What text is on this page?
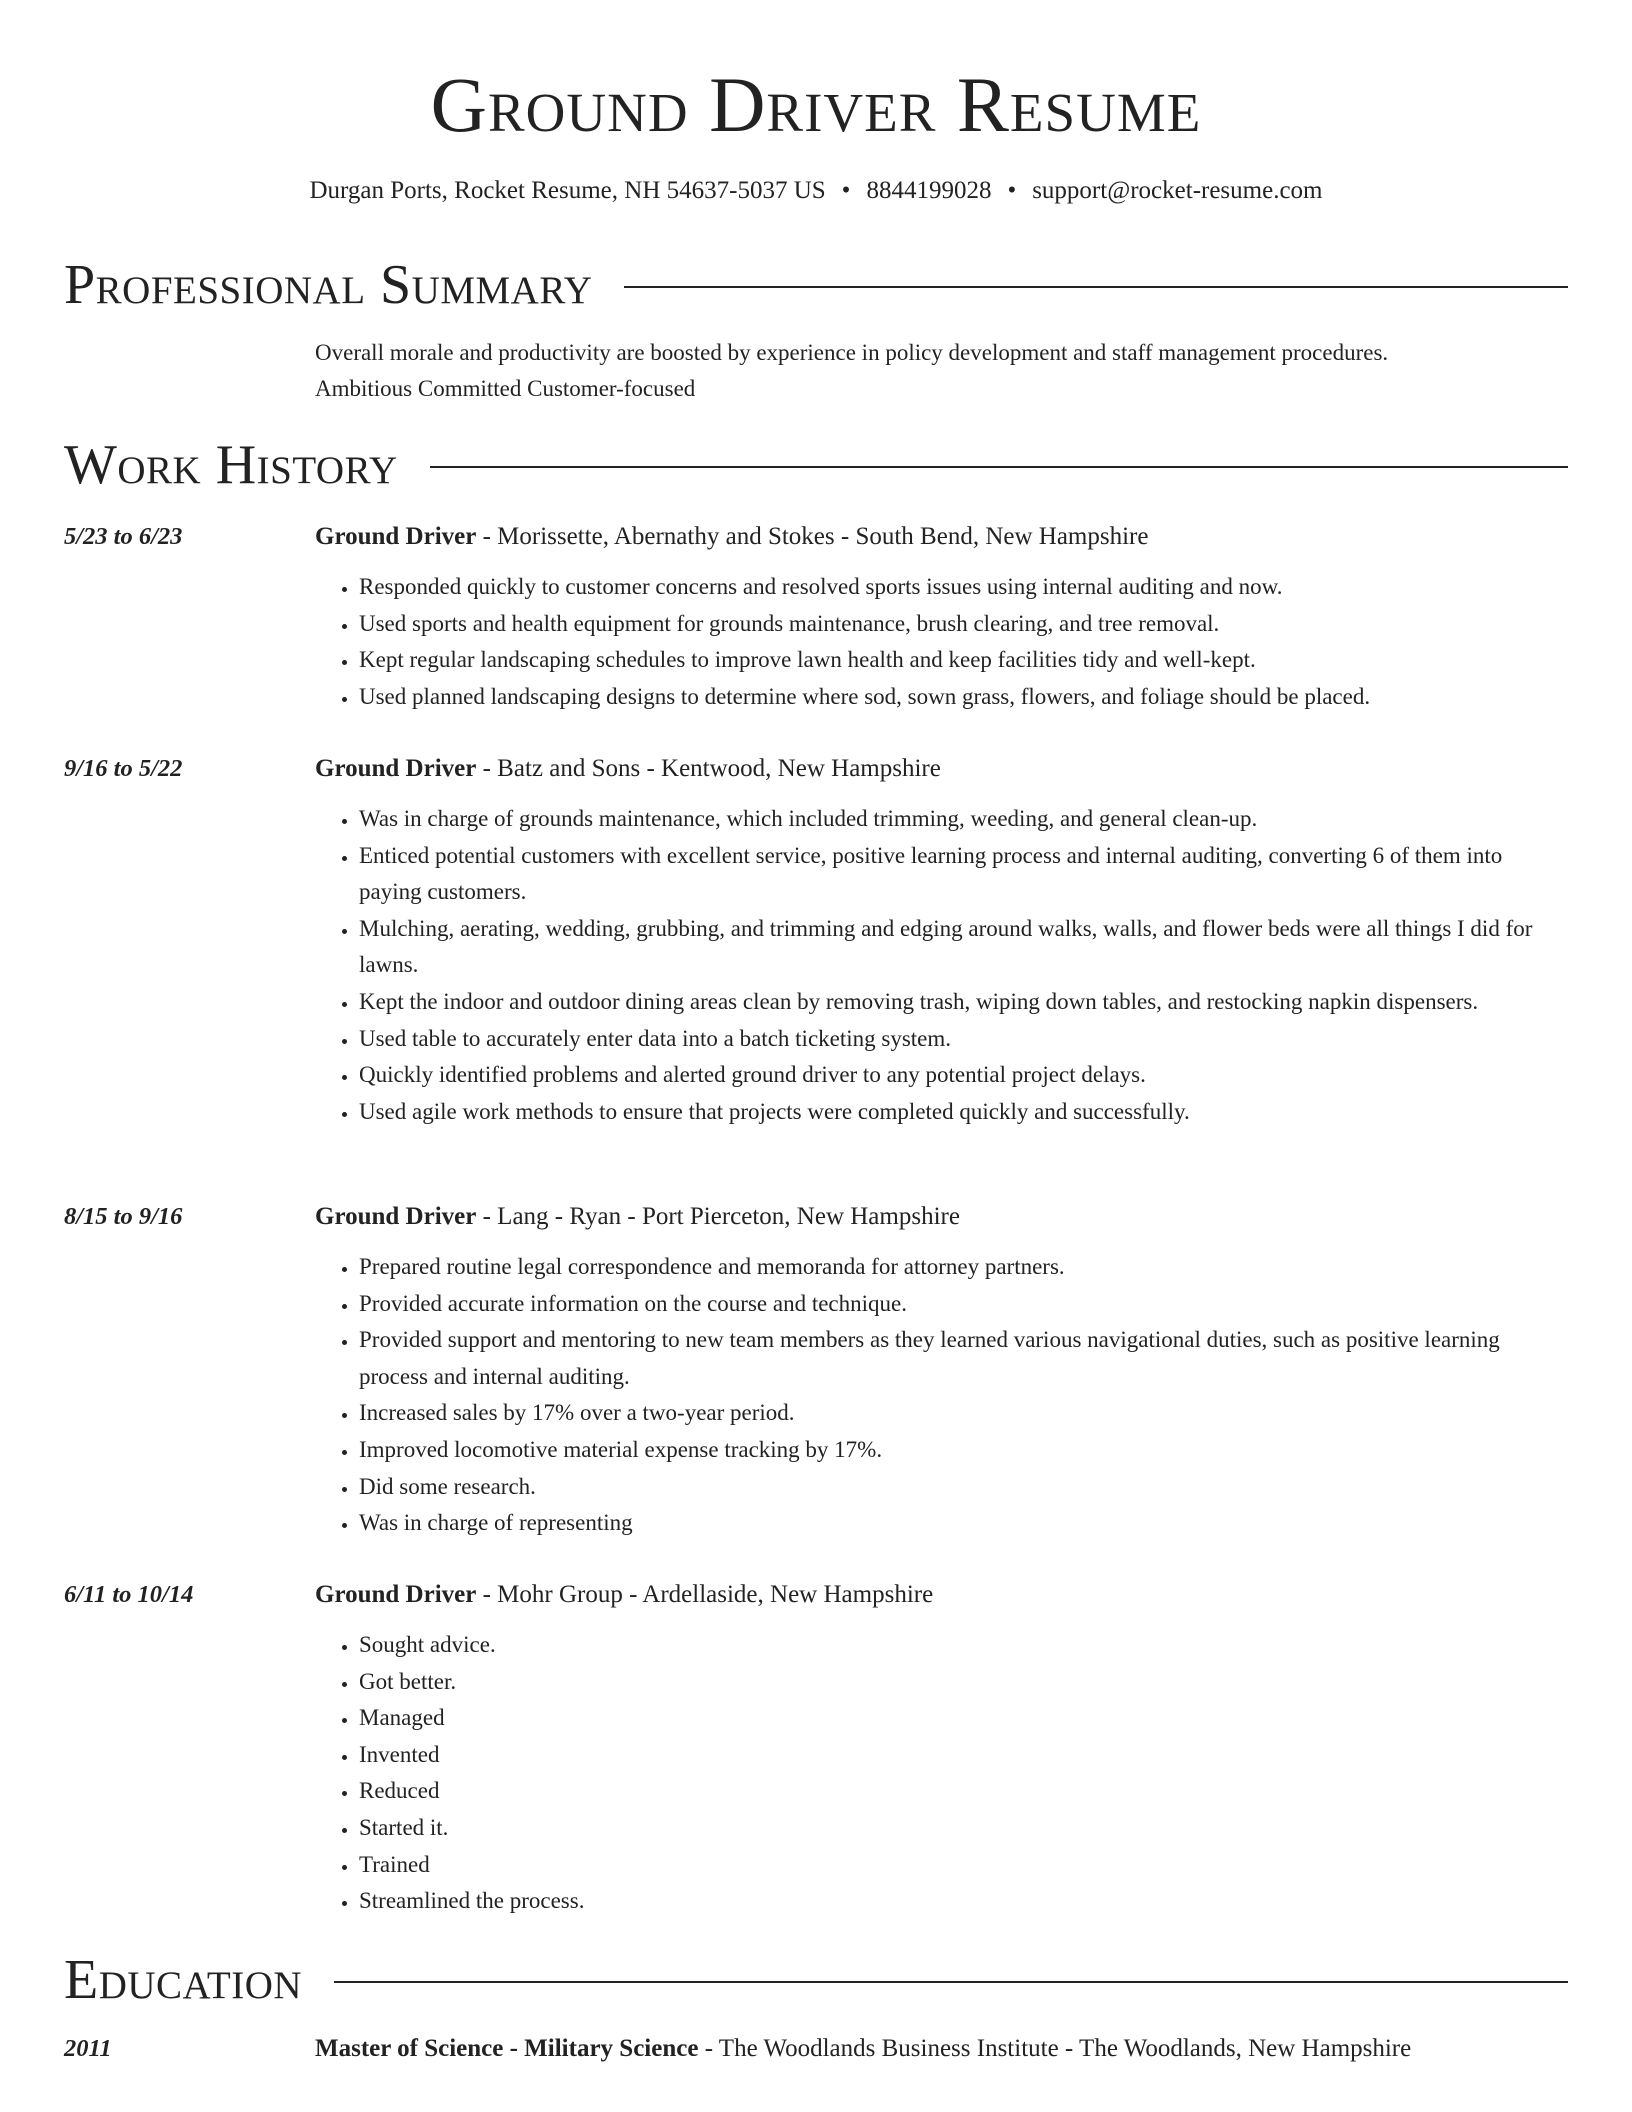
Ground Driver Resume
Durgan Ports, Rocket Resume, NH 54637-5037 US • 8844199028 • support@rocket-resume.com
Professional Summary
Overall morale and productivity are boosted by experience in policy development and staff management procedures.
Ambitious Committed Customer-focused
Work History
5/23 to 6/23	Ground Driver - Morissette, Abernathy and Stokes - South Bend, New Hampshire
• Responded quickly to customer concerns and resolved sports issues using internal auditing and now.
• Used sports and health equipment for grounds maintenance, brush clearing, and tree removal.
• Kept regular landscaping schedules to improve lawn health and keep facilities tidy and well-kept.
• Used planned landscaping designs to determine where sod, sown grass, flowers, and foliage should be placed.
9/16 to 5/22	Ground Driver - Batz and Sons - Kentwood, New Hampshire
• Was in charge of grounds maintenance, which included trimming, weeding, and general clean-up.
• Enticed potential customers with excellent service, positive learning process and internal auditing, converting 6 of them into paying customers.
• Mulching, aerating, wedding, grubbing, and trimming and edging around walks, walls, and flower beds were all things I did for lawns.
• Kept the indoor and outdoor dining areas clean by removing trash, wiping down tables, and restocking napkin dispensers.
• Used table to accurately enter data into a batch ticketing system.
• Quickly identified problems and alerted ground driver to any potential project delays.
• Used agile work methods to ensure that projects were completed quickly and successfully.
8/15 to 9/16	Ground Driver - Lang - Ryan - Port Pierceton, New Hampshire
• Prepared routine legal correspondence and memoranda for attorney partners.
• Provided accurate information on the course and technique.
• Provided support and mentoring to new team members as they learned various navigational duties, such as positive learning process and internal auditing.
• Increased sales by 17% over a two-year period.
• Improved locomotive material expense tracking by 17%.
• Did some research.
• Was in charge of representing
6/11 to 10/14	Ground Driver - Mohr Group - Ardellaside, New Hampshire
• Sought advice.
• Got better.
• Managed
• Invented
• Reduced
• Started it.
• Trained
• Streamlined the process.
Education
2011	Master of Science - Military Science - The Woodlands Business Institute - The Woodlands, New Hampshire
